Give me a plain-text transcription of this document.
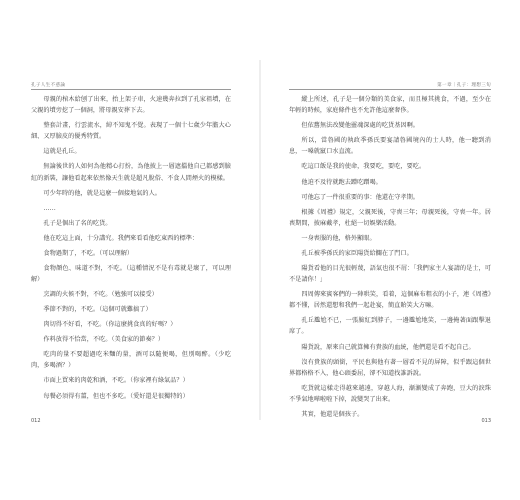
孔子人生不惑論

母親的棺木給刨了出來，抬上架子車，火速幾奔拉到了孔家祖墳，在父親的墳旁挖了一個洞，將母親安葬下去。

整套計畫，行雲流水，綽不知鬼不覺。表現了一個十七歲少年膽大心細、又厚臉皮的優秀特質。

這就是孔丘。

無論後世的人如何為他精心打扮，為他披上一層遮擋他自己都感到臉紅的新裝，讓他看起來依然像天生就是超凡脫俗、不食人間煙火的模樣。

可少年時的他，就是這麼一個接地氣的人。

……

孔子是個出了名的吃貨。

他在吃這上面，十分講究。我們來看看他吃東西的標準：

食物過期了，不吃。（可以理解）

食物顏色、味道不對，不吃。（這種情況不是有毒就是壞了，可以理解）

烹調的火候不對，不吃。（勉強可以接受）

季節不對的，不吃。（這個可就難搞了）

肉切得不好看，不吃。（你這麼挑食真的好嗎？）

作料放得不恰當，不吃。（美食家的節奏？）

吃肉的量不要超過吃米麵的量，酒可以隨便喝，但別喝醉。（少吃肉，多喝酒？）

市面上買來的肉乾和酒，不吃。（你家裡有綠氣品？）

每餐必須得有薑，但也不多吃。（愛好還是很獨特的）

012
第一章｜孔子：理想三旬

縱上所述，孔子是一個分類的美食家，而且極其挑食，不過，至少在年輕的時候，家庭條件也不允許他這麼奢侈。

但依舊無法改變他靈魂深處的吃貨基因啊。

所以，當魯國的執政季孫氏要宴請魯國境內的士人時，他一聽到消息，一嗓就竄口水直流。

吃這口飯是我的使命，我要吃，要吃，要吃。

他迫不及待就跑去蹭吃蹭喝。

可他忘了一件很重要的事：他還在守孝期。

根據《周禮》規定，父親死後，守喪三年；母親死後，守喪一年。居喪期間，披麻戴孝，杜絕一切娛樂活動。

一身喪服的他，格外顯眼。

孔丘被季孫氏的家臣陽貨給攔在了門口。

陽貨看他的目光很輕蔑，語氣也很不屑：「我們家主人宴請的是士，可不是請你！」

四周傳來賓客們的一陣哄笑，看着，這個麻布粗衣的小子，連《周禮》都不懂，居然還想和我們一起赴宴，簡直貽笑大方嘛。

孔丘尷尬不已，一張臉紅到脖子，一邊尷尬地笑，一邊掩著面跟擊退席了。

陽貨說，原來自己就算擁有貴族的血統，他們還是看不起自己。

沒有貴族的頭銜，平民也與他有著一層看不見的屏障，似乎跟這個世界都格格不入，他心頭委屈，卻不知道找誰訴說。

吃貨就這樣走得越來越遠，穿越人海，漸漸變成了奔跑，豆大的淚珠不爭氣地嘩啦啦下掉，說變哭了出來。

其實，他還是個孩子。

013
